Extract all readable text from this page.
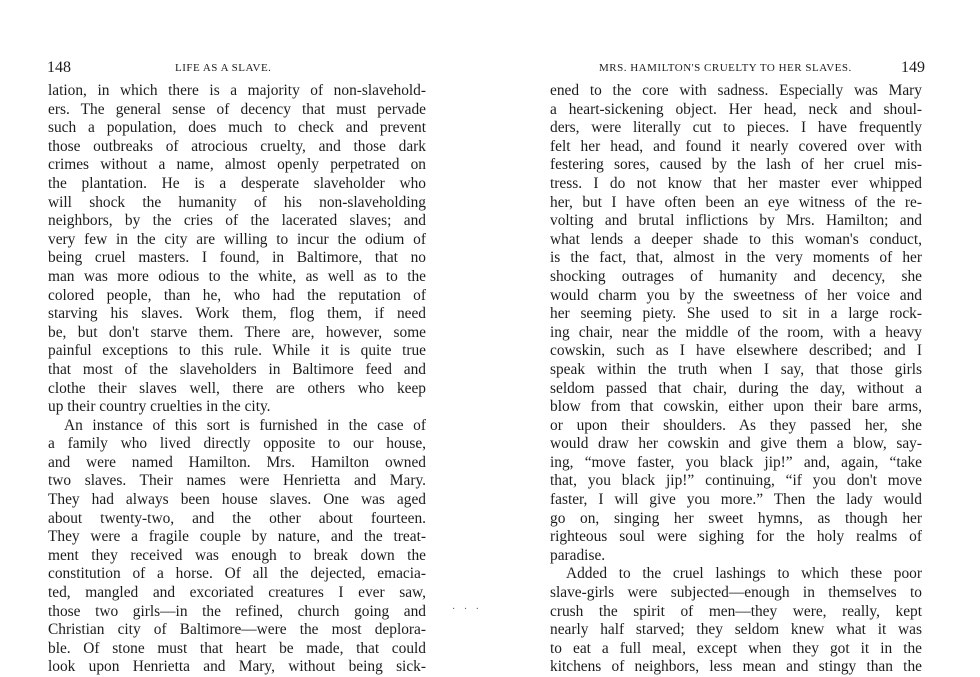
148	LIFE AS A SLAVE.
lation, in which there is a majority of non-slavehold-
ers. The general sense of decency that must pervade
such a population, does much to check and prevent
those outbreaks of atrocious cruelty, and those dark
crimes without a name, almost openly perpetrated on
the plantation. He is a desperate slaveholder who
will shock the humanity of his non-slaveholding
neighbors, by the cries of the lacerated slaves; and
very few in the city are willing to incur the odium of
being cruel masters. I found, in Baltimore, that no
man was more odious to the white, as well as to the
colored people, than he, who had the reputation of
starving his slaves. Work them, flog them, if need
be, but don't starve them. There are, however, some
painful exceptions to this rule. While it is quite true
that most of the slaveholders in Baltimore feed and
clothe their slaves well, there are others who keep
up their country cruelties in the city.
An instance of this sort is furnished in the case of
a family who lived directly opposite to our house,
and were named Hamilton. Mrs. Hamilton owned
two slaves. Their names were Henrietta and Mary.
They had always been house slaves. One was aged
about twenty-two, and the other about fourteen.
They were a fragile couple by nature, and the treat-
ment they received was enough to break down the
constitution of a horse. Of all the dejected, emacia-
ted, mangled and excoriated creatures I ever saw,
those two girls—in the refined, church going and
Christian city of Baltimore—were the most deplora-
ble. Of stone must that heart be made, that could
look upon Henrietta and Mary, without being sick-
MRS. HAMILTON'S CRUELTY TO HER SLAVES.	149
ened to the core with sadness. Especially was Mary
a heart-sickening object. Her head, neck and shoul-
ders, were literally cut to pieces. I have frequently
felt her head, and found it nearly covered over with
festering sores, caused by the lash of her cruel mis-
tress. I do not know that her master ever whipped
her, but I have often been an eye witness of the re-
volting and brutal inflictions by Mrs. Hamilton; and
what lends a deeper shade to this woman's conduct,
is the fact, that, almost in the very moments of her
shocking outrages of humanity and decency, she
would charm you by the sweetness of her voice and
her seeming piety. She used to sit in a large rock-
ing chair, near the middle of the room, with a heavy
cowskin, such as I have elsewhere described; and I
speak within the truth when I say, that those girls
seldom passed that chair, during the day, without a
blow from that cowskin, either upon their bare arms,
or upon their shoulders. As they passed her, she
would draw her cowskin and give them a blow, say-
ing, “move faster, you black jip!” and, again, “take
that, you black jip!” continuing, “if you don't move
faster, I will give you more.” Then the lady would
go on, singing her sweet hymns, as though her
righteous soul were sighing for the holy realms of
paradise.
Added to the cruel lashings to which these poor
slave-girls were subjected—enough in themselves to
crush the spirit of men—they were, really, kept
nearly half starved; they seldom knew what it was
to eat a full meal, except when they got it in the
kitchens of neighbors, less mean and stingy than the
· · ·
